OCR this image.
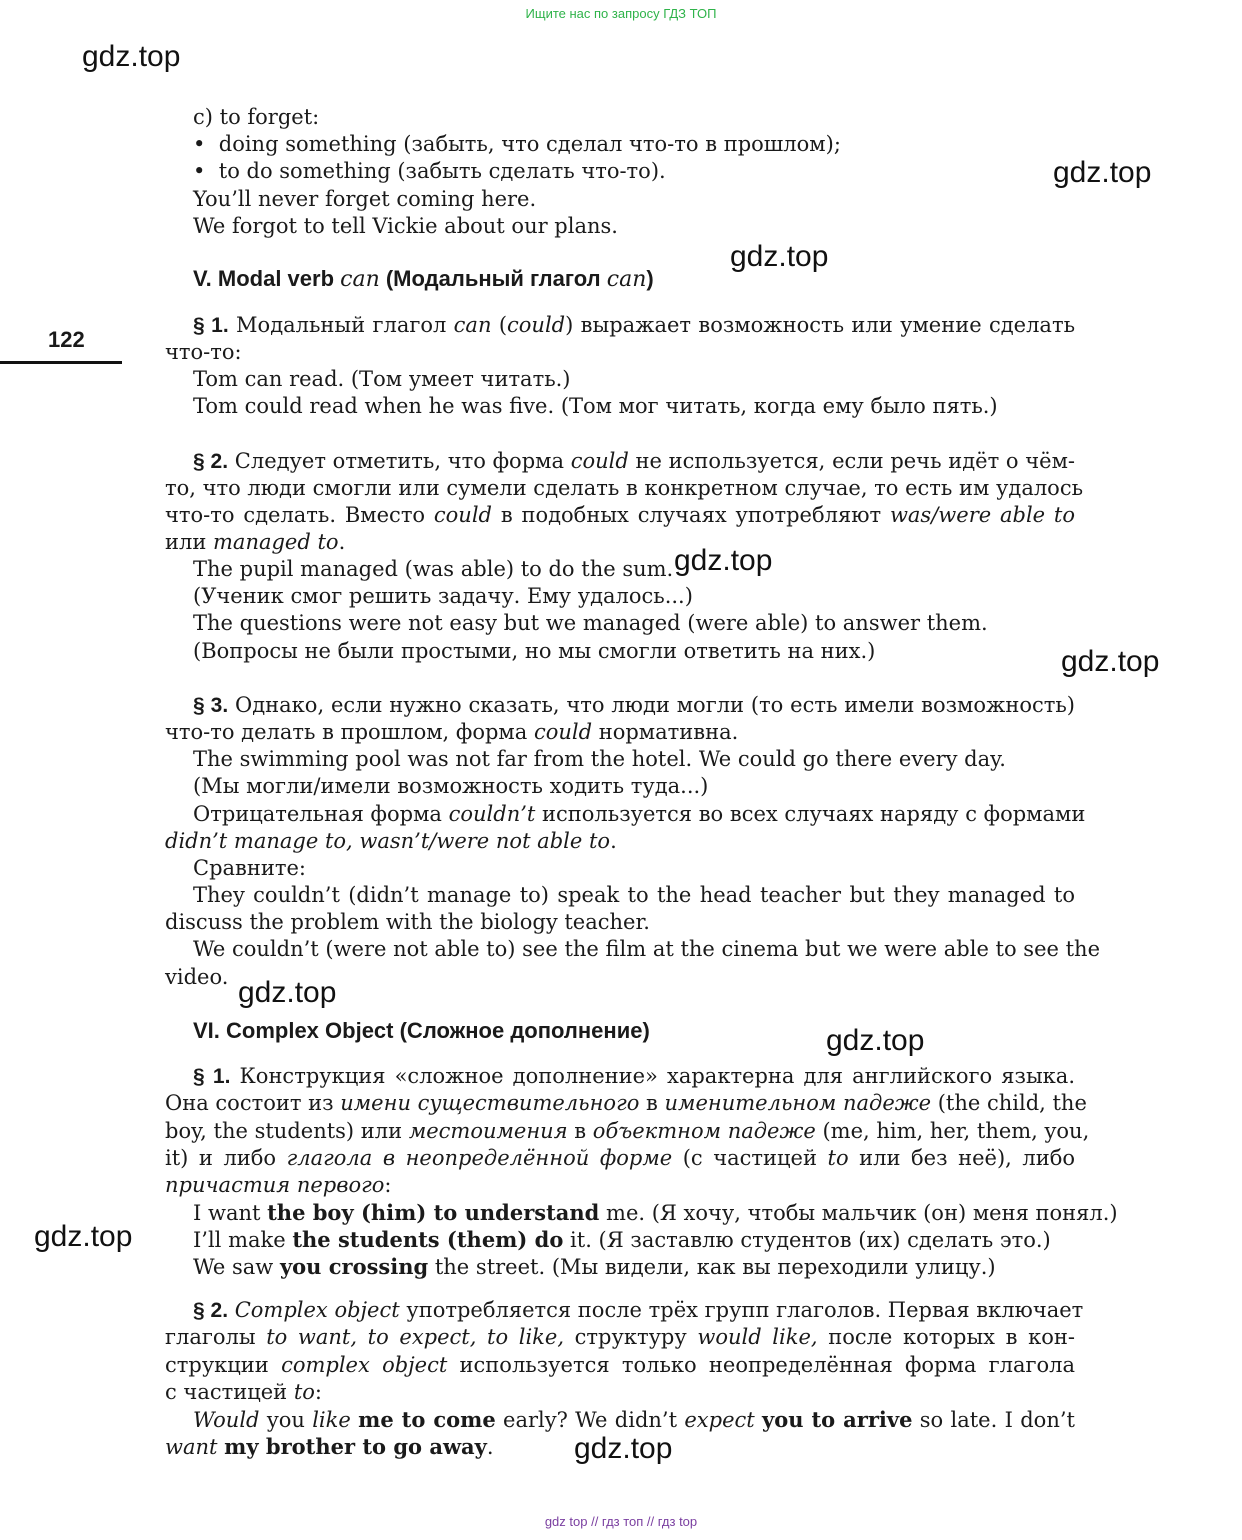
Ищите нас по запросу ГДЗ ТОП
gdz.top
gdz.top
gdz.top
gdz.top
gdz.top
gdz.top
gdz.top
gdz.top
gdz.top
122
c) to forget:
•  doing something (забыть, что сделал что-то в прошлом);
•  to do something (забыть сделать что-то).
You’ll never forget coming here.
We forgot to tell Vickie about our plans.
V. Modal verb can (Модальный глагол can)
§ 1. Модальный глагол can (could) выражает возможность или умение сделать
что-то:
Tom can read. (Том умеет читать.)
Tom could read when he was five. (Том мог читать, когда ему было пять.)
§ 2. Следует отметить, что форма could не используется, если речь идёт о чём-
то, что люди смогли или сумели сделать в конкретном случае, то есть им удалось
что-то сделать. Вместо could в подобных случаях употребляют was/were able to
или managed to.
The pupil managed (was able) to do the sum.
(Ученик смог решить задачу. Ему удалось...)
The questions were not easy but we managed (were able) to answer them.
(Вопросы не были простыми, но мы смогли ответить на них.)
§ 3. Однако, если нужно сказать, что люди могли (то есть имели возможность)
что-то делать в прошлом, форма could нормативна.
The swimming pool was not far from the hotel. We could go there every day.
(Мы могли/имели возможность ходить туда...)
Отрицательная форма couldn’t используется во всех случаях наряду с формами
didn’t manage to, wasn’t/were not able to.
Сравните:
They couldn’t (didn’t manage to) speak to the head teacher but they managed to
discuss the problem with the biology teacher.
We couldn’t (were not able to) see the film at the cinema but we were able to see the
video.
VI. Complex Object (Сложное дополнение)
§ 1. Конструкция «сложное дополнение» характерна для английского языка.
Она состоит из имени существительного в именительном падеже (the child, the
boy, the students) или местоимения в объектном падеже (me, him, her, them, you,
it) и либо глагола в неопределённой форме (с частицей to или без неё), либо
причастия первого:
I want the boy (him) to understand me. (Я хочу, чтобы мальчик (он) меня понял.)
I’ll make the students (them) do it. (Я заставлю студентов (их) сделать это.)
We saw you crossing the street. (Мы видели, как вы переходили улицу.)
§ 2. Complex object употребляется после трёх групп глаголов. Первая включает
глаголы to want, to expect, to like, структуру would like, после которых в кон-
струкции complex object используется только неопределённая форма глагола
с частицей to:
Would you like me to come early? We didn’t expect you to arrive so late. I don’t
want my brother to go away.
gdz top // гдз топ // гдз top
